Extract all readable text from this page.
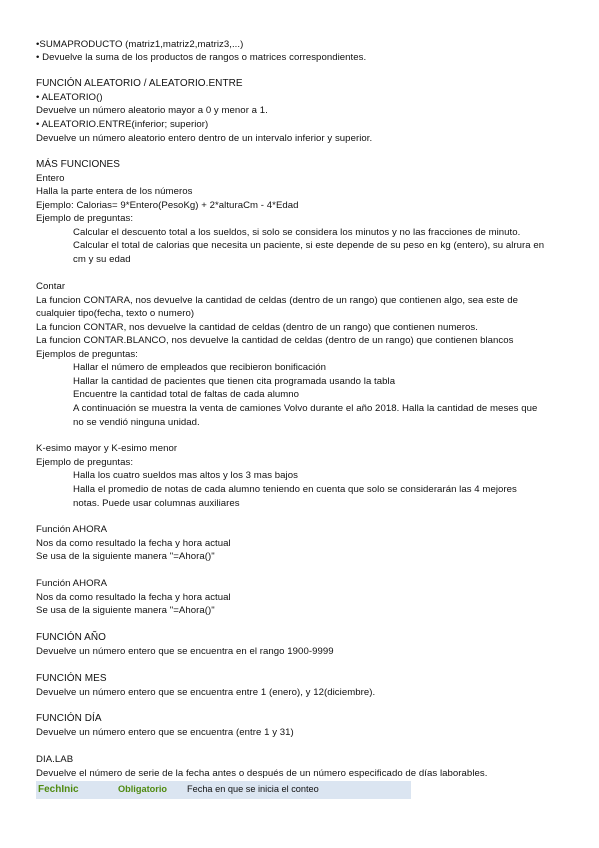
•SUMAPRODUCTO (matriz1,matriz2,matriz3,...)
• Devuelve la suma de los productos de rangos o matrices correspondientes.
FUNCIÓN ALEATORIO / ALEATORIO.ENTRE
• ALEATORIO()
Devuelve un número aleatorio mayor a 0 y menor a 1.
• ALEATORIO.ENTRE(inferior; superior)
Devuelve un número aleatorio entero dentro de un intervalo inferior y superior.
MÁS FUNCIONES
Entero
Halla la parte entera de los números
Ejemplo: Calorias= 9*Entero(PesoKg) + 2*alturaCm - 4*Edad
Ejemplo de preguntas:
Calcular el descuento total a los sueldos, si solo se considera los minutos y no las fracciones de minuto.
Calcular el total de calorias que necesita un paciente, si este depende de su peso en kg (entero), su alrura en
cm y su edad
Contar
La funcion CONTARA, nos devuelve la cantidad de celdas (dentro de un rango) que contienen algo, sea este de
cualquier tipo(fecha, texto o numero)
La funcion CONTAR, nos devuelve la cantidad de celdas (dentro de un rango) que contienen numeros.
La funcion CONTAR.BLANCO, nos devuelve la cantidad de celdas (dentro de un rango) que contienen blancos
Ejemplos de preguntas:
Hallar el número de empleados que recibieron bonificación
Hallar la cantidad de pacientes que tienen cita programada usando la tabla
Encuentre la cantidad total de faltas de cada alumno
A continuación se muestra la venta de camiones Volvo durante el año 2018. Halla la cantidad de meses que
no se vendió ninguna unidad.
K-esimo mayor y K-esimo menor
Ejemplo de preguntas:
Halla los cuatro sueldos mas altos y los 3 mas bajos
Halla el promedio de notas de cada alumno teniendo en cuenta que solo se considerarán las 4 mejores
notas. Puede usar columnas auxiliares
Función AHORA
Nos da como resultado la fecha y hora actual
Se usa de la siguiente manera "=Ahora()"
Función AHORA
Nos da como resultado la fecha y hora actual
Se usa de la siguiente manera "=Ahora()"
FUNCIÓN AÑO
Devuelve un número entero que se encuentra en el rango 1900-9999
FUNCIÓN MES
Devuelve un número entero que se encuentra entre 1 (enero), y 12(diciembre).
FUNCIÓN DÍA
Devuelve un número entero que se encuentra (entre 1 y 31)
DIA.LAB
Devuelve el número de serie de la fecha antes o después de un número especificado de días laborables.
FechInic	Obligatorio Fecha en que se inicia el conteo
